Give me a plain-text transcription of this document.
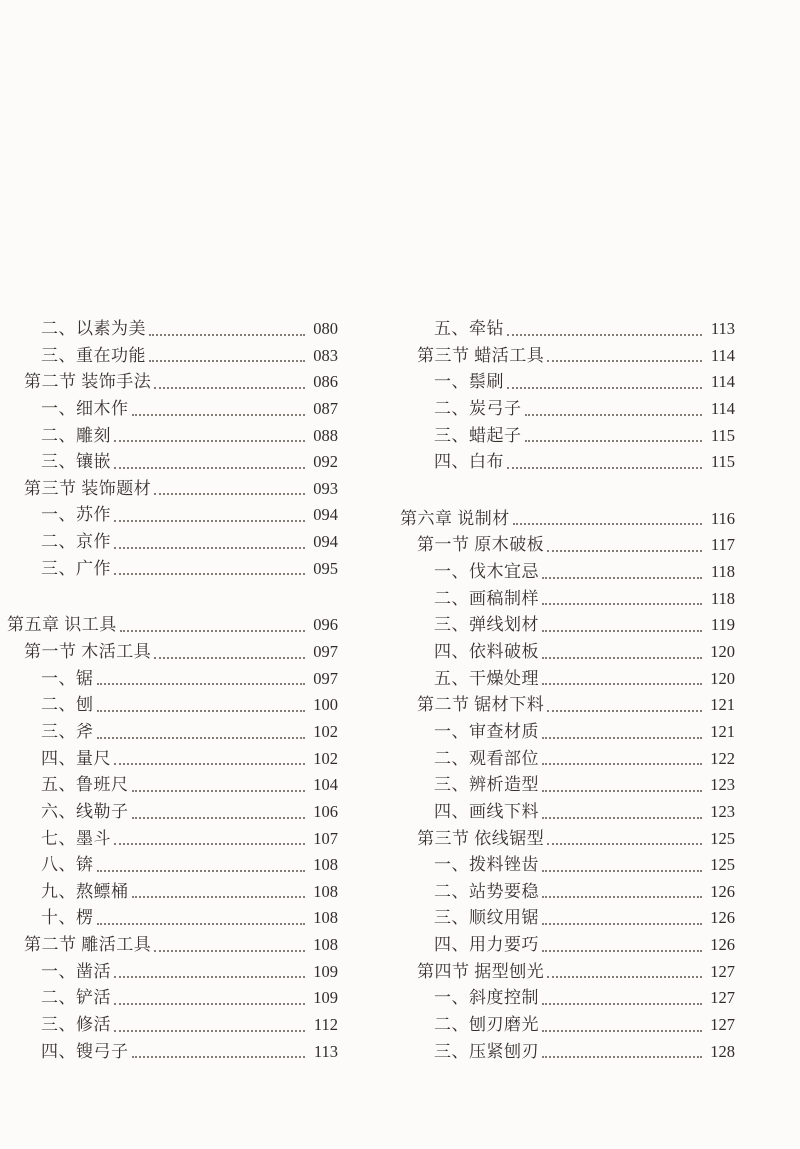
二、以素为美	080
三、重在功能	083
第二节 装饰手法	086
一、细木作	087
二、雕刻	088
三、镶嵌	092
第三节 装饰题材	093
一、苏作	094
二、京作	094
三、广作	095
第五章 识工具	096
第一节 木活工具	097
一、锯	097
二、刨	100
三、斧	102
四、量尺	102
五、鲁班尺	104
六、线勒子	106
七、墨斗	107
八、锛	108
九、熬鳔桶	108
十、楞	108
第二节 雕活工具	108
一、凿活	109
二、铲活	109
三、修活	112
四、锼弓子	113
五、牵钻	113
第三节 蜡活工具	114
一、鬃刷	114
二、炭弓子	114
三、蜡起子	115
四、白布	115
第六章 说制材	116
第一节 原木破板	117
一、伐木宜忌	118
二、画稿制样	118
三、弹线划材	119
四、依料破板	120
五、干燥处理	120
第二节 锯材下料	121
一、审查材质	121
二、观看部位	122
三、辨析造型	123
四、画线下料	123
第三节 依线锯型	125
一、拨料锉齿	125
二、站势要稳	126
三、顺纹用锯	126
四、用力要巧	126
第四节 据型刨光	127
一、斜度控制	127
二、刨刃磨光	127
三、压紧刨刃	128
